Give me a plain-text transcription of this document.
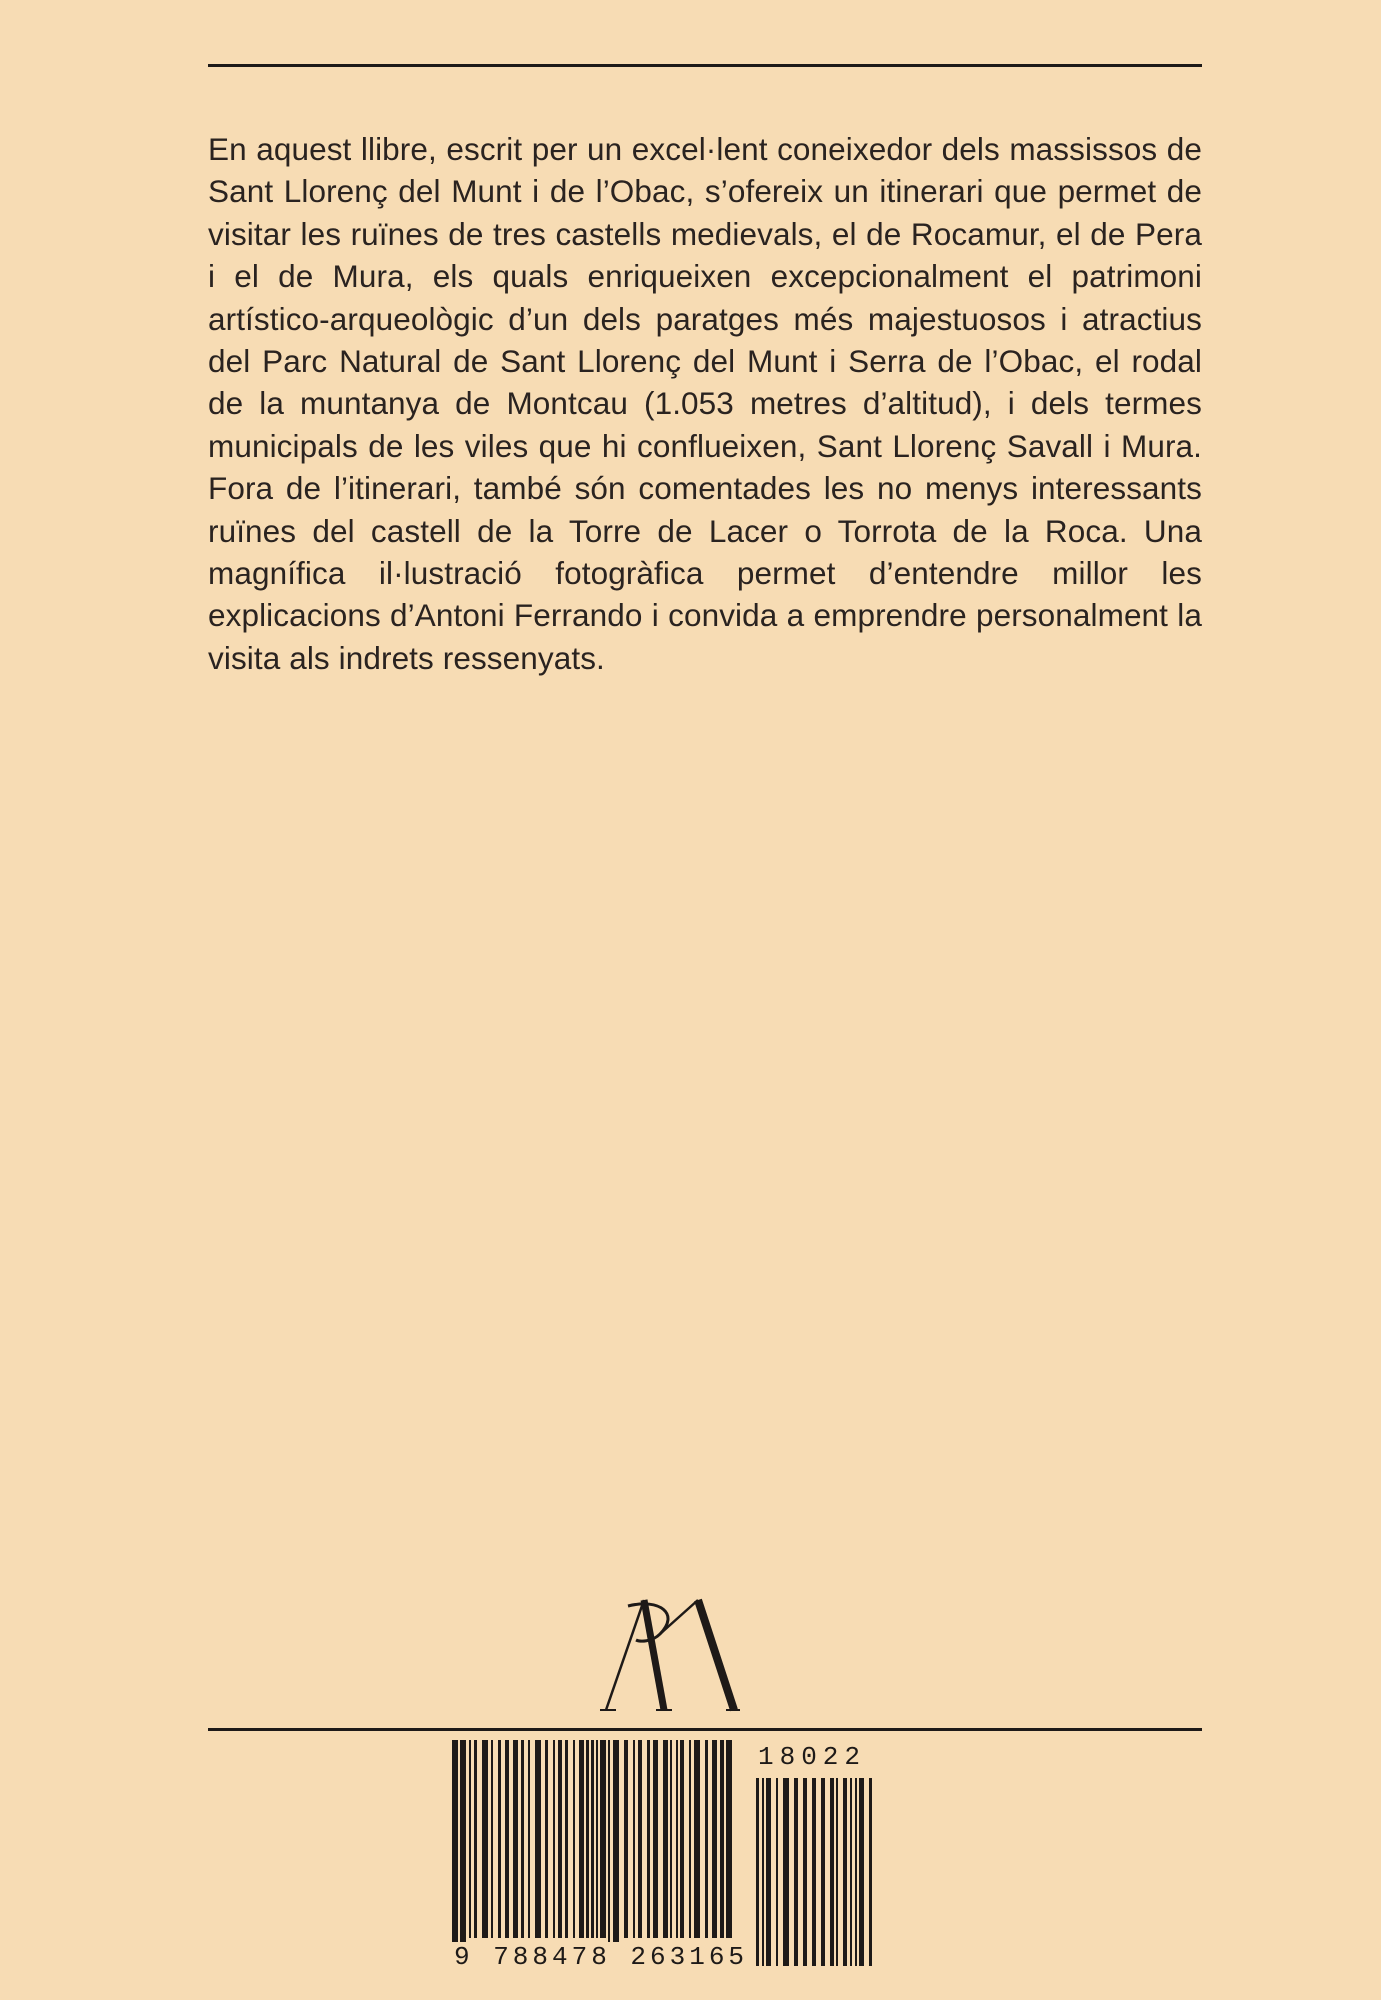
En aquest llibre, escrit per un excel·lent coneixedor dels massissos de Sant Llorenç del Munt i de l’Obac, s’ofereix un itinerari que permet de visitar les ruïnes de tres castells medievals, el de Rocamur, el de Pera i el de Mura, els quals enriqueixen excepcionalment el patrimoni artístico-arqueològic d’un dels paratges més majestuosos i atractius del Parc Natural de Sant Llorenç del Munt i Serra de l’Obac, el rodal de la muntanya de Montcau (1.053 metres d’altitud), i dels termes municipals de les viles que hi conflueixen, Sant Llorenç Savall i Mura. Fora de l’itinerari, també són comentades les no menys interessants ruïnes del castell de la Torre de Lacer o Torrota de la Roca. Una magnífica il·lustració fotogràfica permet d’entendre millor les explicacions d’Antoni Ferrando i convida a emprendre personalment la visita als indrets ressenyats.

9 788478 263165
18022
